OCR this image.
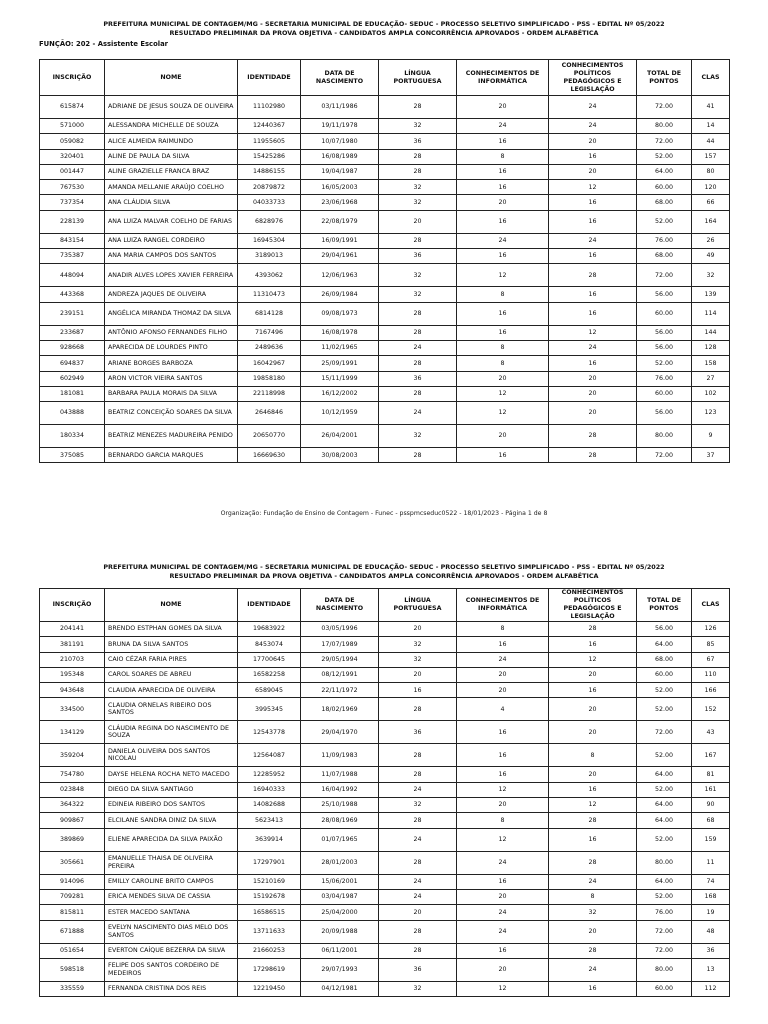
PREFEITURA MUNICIPAL DE CONTAGEM/MG - SECRETARIA MUNICIPAL DE EDUCAÇÃO- SEDUC - PROCESSO SELETIVO SIMPLIFICADO - PSS - EDITAL Nº 05/2022
RESULTADO PRELIMINAR DA PROVA OBJETIVA - CANDIDATOS AMPLA CONCORRÊNCIA APROVADOS - ORDEM ALFABÉTICA
FUNÇÃO: 202 - Assistente Escolar
INSCRIÇÃO	NOME	IDENTIDADE	DATA DE NASCIMENTO	LÍNGUA PORTUGUESA	CONHECIMENTOS DE INFORMÁTICA	CONHECIMENTOS POLÍTICOS PEDAGÓGICOS E LEGISLAÇÃO	TOTAL DE PONTOS	CLAS
615874	ADRIANE DE JESUS SOUZA DE OLIVEIRA	11102980	03/11/1986	28	20	24	72.00	41
571000	ALESSANDRA MICHELLE DE SOUZA	12440367	19/11/1978	32	24	24	80.00	14
059082	ALICE ALMEIDA RAIMUNDO	11955605	10/07/1980	36	16	20	72.00	44
320401	ALINE DE PAULA DA SILVA	15425286	16/08/1989	28	8	16	52.00	157
001447	ALINE GRAZIELLE FRANCA BRAZ	14886155	19/04/1987	28	16	20	64.00	80
767530	AMANDA MELLANIE ARAÚJO COELHO	20879872	16/05/2003	32	16	12	60.00	120
737354	ANA CLÁUDIA SILVA	04033733	23/06/1968	32	20	16	68.00	66
228139	ANA LUIZA MALVAR COELHO DE FARIAS	6828976	22/08/1979	20	16	16	52.00	164
843154	ANA LUIZA RANGEL CORDEIRO	16945304	16/09/1991	28	24	24	76.00	26
735387	ANA MARIA CAMPOS DOS SANTOS	3189013	29/04/1961	36	16	16	68.00	49
448094	ANADIR ALVES LOPES XAVIER FERREIRA	4393062	12/06/1963	32	12	28	72.00	32
443368	ANDREZA JAQUES DE OLIVEIRA	11310473	26/09/1984	32	8	16	56.00	139
239151	ANGÉLICA MIRANDA THOMAZ DA SILVA	6814128	09/08/1973	28	16	16	60.00	114
233687	ANTÔNIO AFONSO FERNANDES FILHO	7167496	16/08/1978	28	16	12	56.00	144
928668	APARECIDA DE LOURDES PINTO	2489636	11/02/1965	24	8	24	56.00	128
694837	ARIANE BORGES BARBOZA	16042967	25/09/1991	28	8	16	52.00	158
602949	ARON VICTOR VIEIRA SANTOS	19858180	15/11/1999	36	20	20	76.00	27
181081	BARBARA PAULA MORAIS DA SILVA	22118998	16/12/2002	28	12	20	60.00	102
043888	BEATRIZ CONCEIÇÃO SOARES DA SILVA	2646846	10/12/1959	24	12	20	56.00	123
180334	BEATRIZ MENEZES MADUREIRA PENIDO	20650770	26/04/2001	32	20	28	80.00	9
375085	BERNARDO GARCIA MARQUES	16669630	30/08/2003	28	16	28	72.00	37
Organização: Fundação de Ensino de Contagem - Funec - psspmcseduc0522 - 18/01/2023 - Página 1 de 8
PREFEITURA MUNICIPAL DE CONTAGEM/MG - SECRETARIA MUNICIPAL DE EDUCAÇÃO- SEDUC - PROCESSO SELETIVO SIMPLIFICADO - PSS - EDITAL Nº 05/2022
RESULTADO PRELIMINAR DA PROVA OBJETIVA - CANDIDATOS AMPLA CONCORRÊNCIA APROVADOS - ORDEM ALFABÉTICA
INSCRIÇÃO	NOME	IDENTIDADE	DATA DE NASCIMENTO	LÍNGUA PORTUGUESA	CONHECIMENTOS DE INFORMÁTICA	CONHECIMENTOS POLÍTICOS PEDAGÓGICOS E LEGISLAÇÃO	TOTAL DE PONTOS	CLAS
204141	BRENDO ESTPHAN GOMES DA SILVA	19683922	03/05/1996	20	8	28	56.00	126
381191	BRUNA DA SILVA SANTOS	8453074	17/07/1989	32	16	16	64.00	85
210703	CAIO CÉZAR FARIA PIRES	17700645	29/05/1994	32	24	12	68.00	67
195348	CAROL SOARES DE ABREU	16582258	08/12/1991	20	20	20	60.00	110
943648	CLAUDIA APARECIDA DE OLIVEIRA	6589045	22/11/1972	16	20	16	52.00	166
334500	CLAUDIA ORNELAS RIBEIRO DOS SANTOS	3995345	18/02/1969	28	4	20	52.00	152
134129	CLÁUDIA REGINA DO NASCIMENTO DE SOUZA	12543778	29/04/1970	36	16	20	72.00	43
359204	DANIELA OLIVEIRA DOS SANTOS NICOLAU	12564087	11/09/1983	28	16	8	52.00	167
754780	DAYSE HELENA ROCHA NETO MACEDO	12285952	11/07/1988	28	16	20	64.00	81
023848	DIEGO DA SILVA SANTIAGO	16940333	16/04/1992	24	12	16	52.00	161
364322	EDINEIA RIBEIRO DOS SANTOS	14082688	25/10/1988	32	20	12	64.00	90
909867	ELCILANE SANDRA DINIZ DA SILVA	5623413	28/08/1969	28	8	28	64.00	68
389869	ELIENE APARECIDA DA SILVA PAIXÃO	3639914	01/07/1965	24	12	16	52.00	159
305661	EMANUELLE THAISA DE OLIVEIRA PEREIRA	17297901	28/01/2003	28	24	28	80.00	11
914096	EMILLY CAROLINE BRITO CAMPOS	15210169	15/06/2001	24	16	24	64.00	74
709281	ERICA MENDES SILVA DE CASSIA	15192678	03/04/1987	24	20	8	52.00	168
815811	ESTER MACEDO SANTANA	16586515	25/04/2000	20	24	32	76.00	19
671888	EVELYN NASCIMENTO DIAS MELO DOS SANTOS	13711633	20/09/1988	28	24	20	72.00	48
051654	EVERTON CAÍQUE BEZERRA DA SILVA	21660253	06/11/2001	28	16	28	72.00	36
598518	FELIPE DOS SANTOS CORDEIRO DE MEDEIROS	17298619	29/07/1993	36	20	24	80.00	13
335559	FERNANDA CRISTINA DOS REIS	12219450	04/12/1981	32	12	16	60.00	112
